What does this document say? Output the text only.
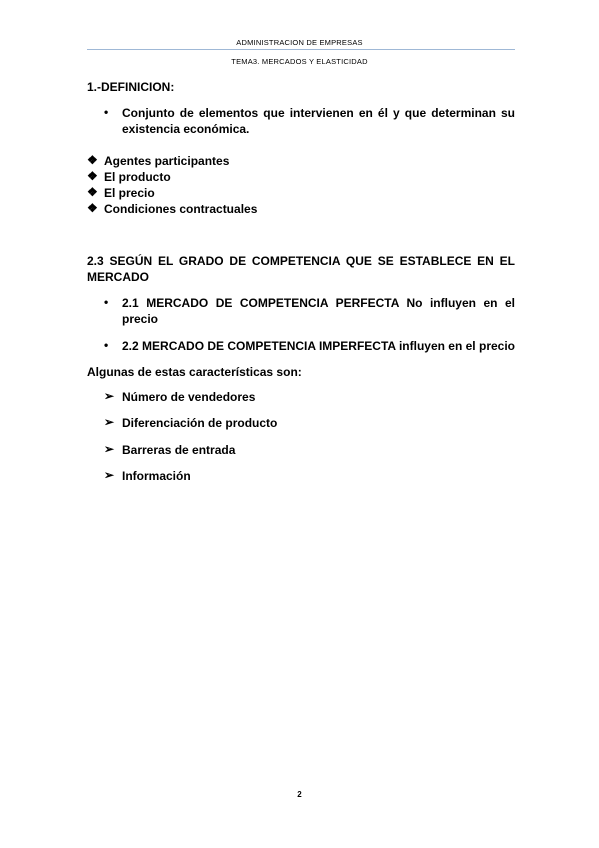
ADMINISTRACION DE EMPRESAS
TEMA3. MERCADOS Y ELASTICIDAD
1.-DEFINICION:
• Conjunto de elementos que intervienen en él y que determinan su
existencia económica.
❖ Agentes participantes
❖ El producto
❖ El precio
❖ Condiciones contractuales
2.3 SEGÚN EL GRADO DE COMPETENCIA QUE SE ESTABLECE EN EL
MERCADO
• 2.1 MERCADO DE COMPETENCIA PERFECTA No influyen en el
precio
• 2.2 MERCADO DE COMPETENCIA IMPERFECTA influyen en el precio
Algunas de estas características son:
➢ Número de vendedores
➢ Diferenciación de producto
➢ Barreras de entrada
➢ Información
2
